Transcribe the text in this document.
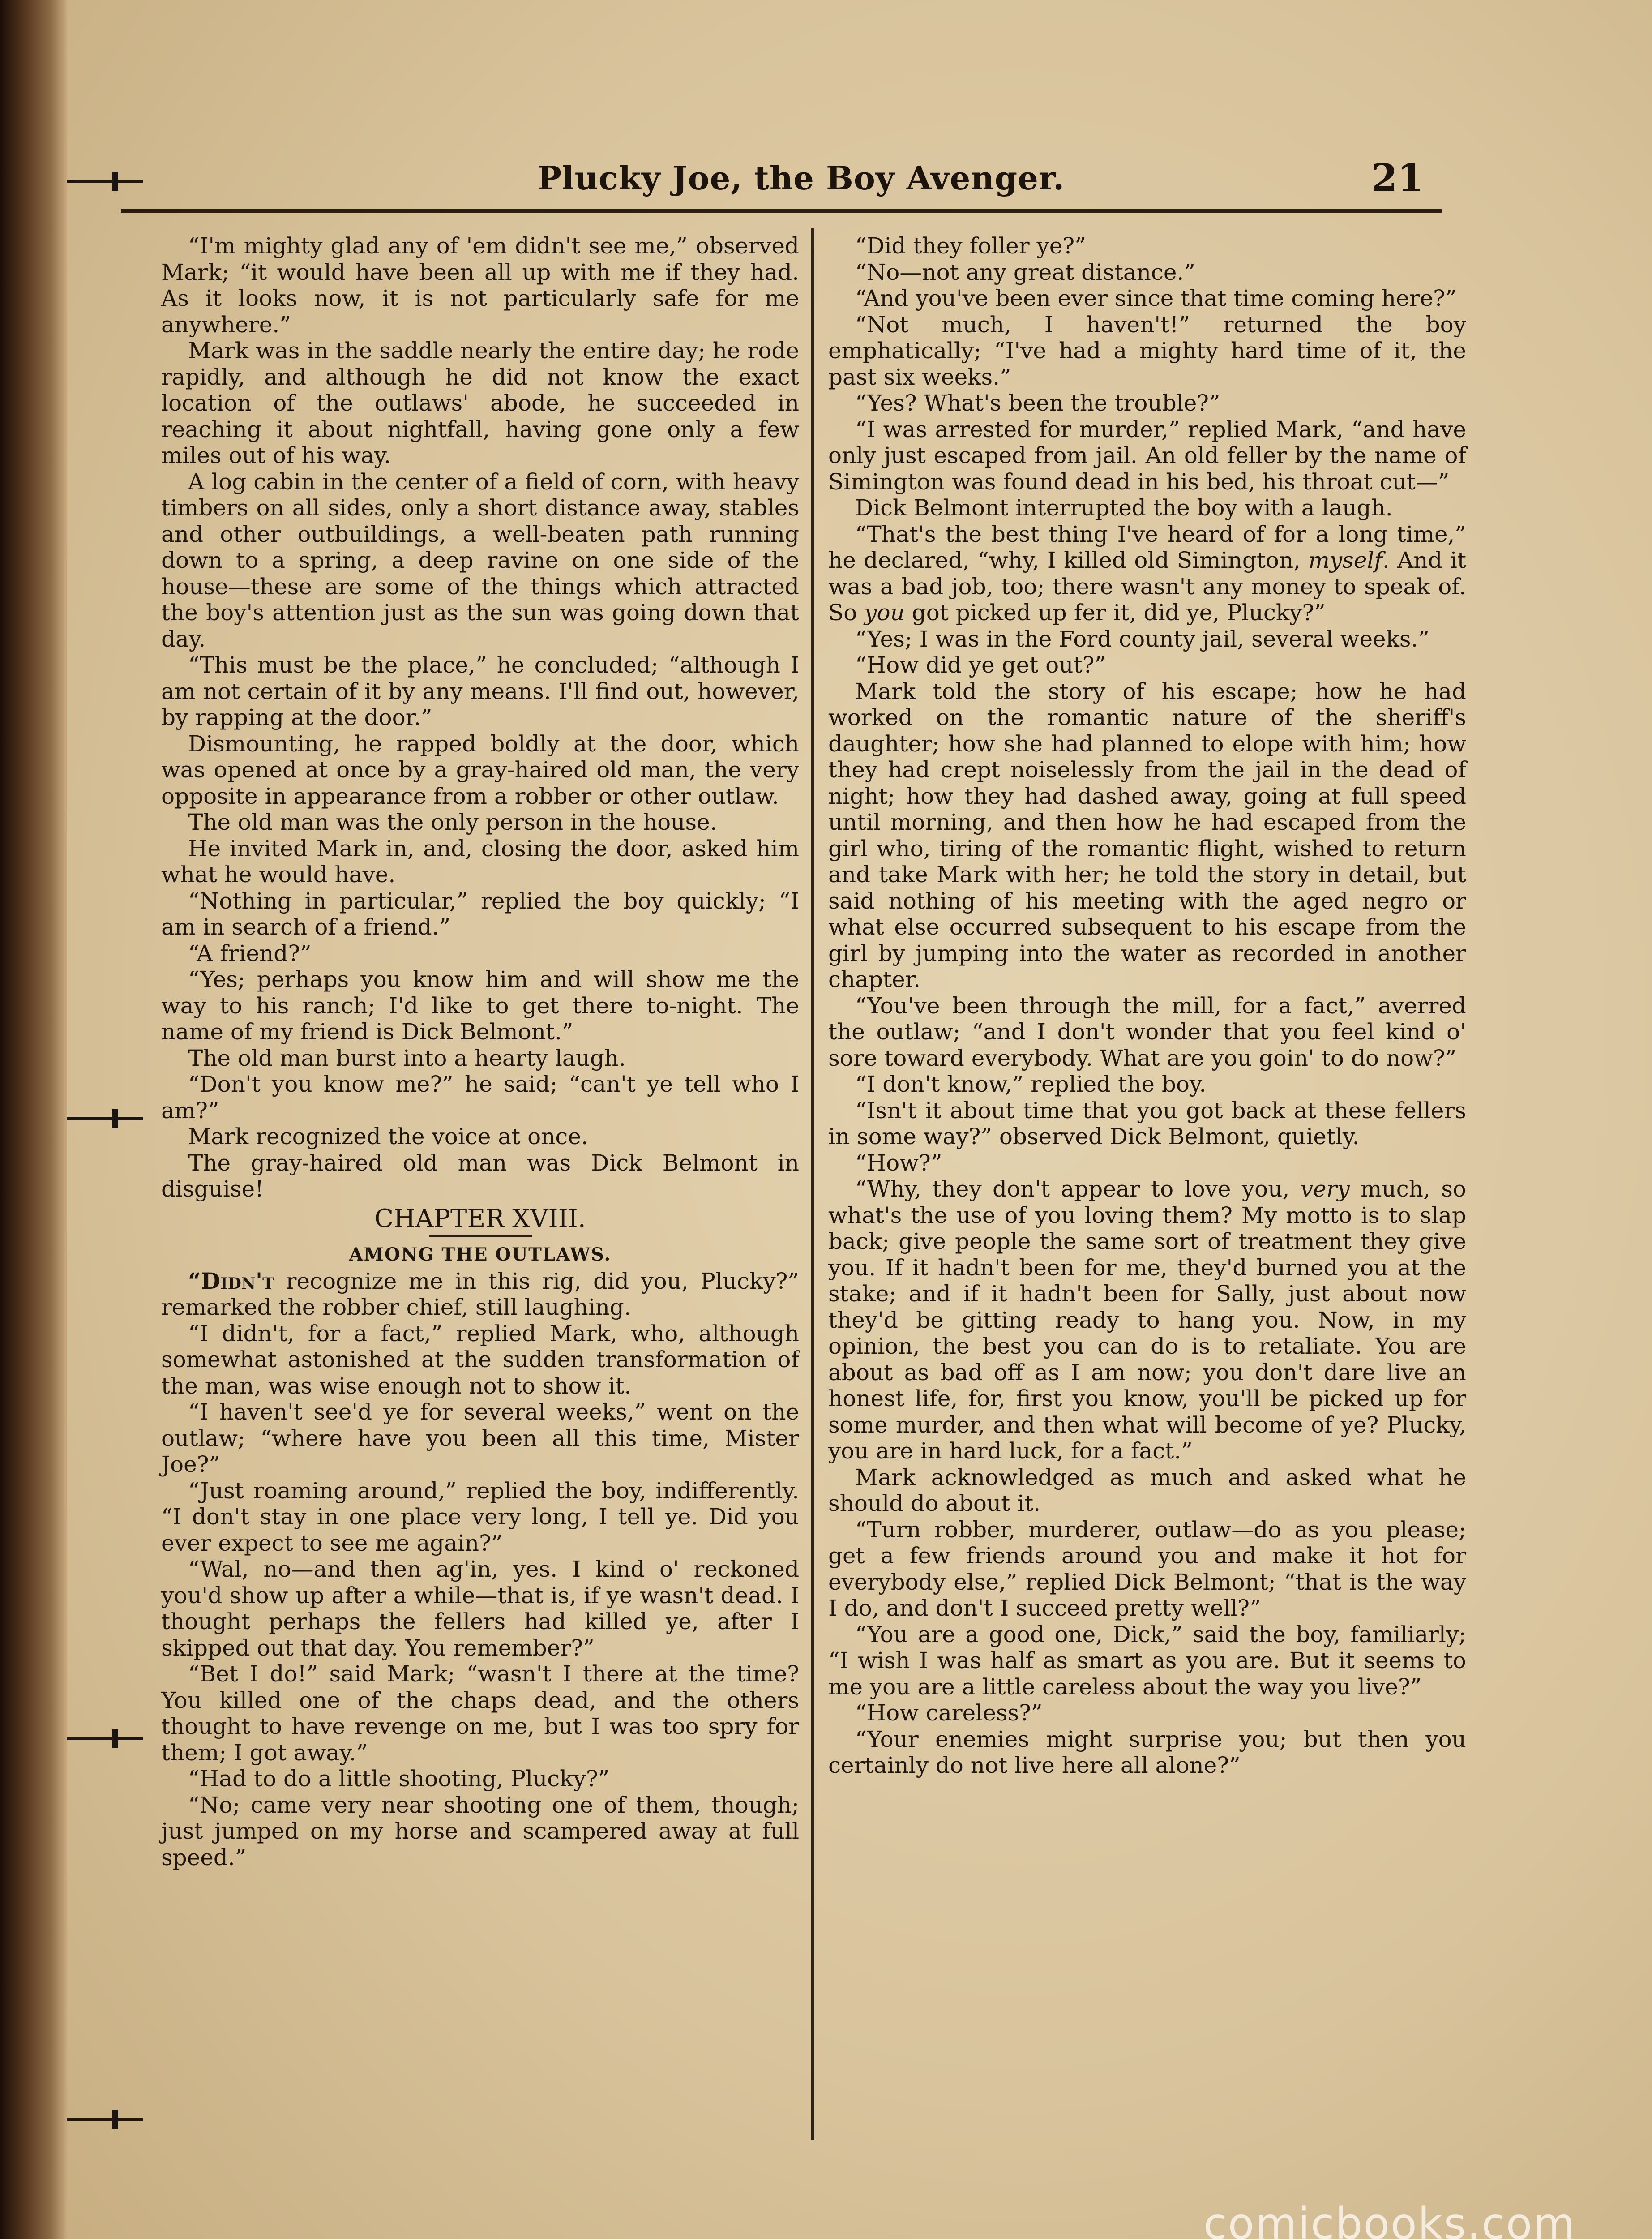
Plucky Joe, the Boy Avenger.	21

“I'm mighty glad any of 'em didn't see me,” observed Mark; “it would have been all up with me if they had. As it looks now, it is not particularly safe for me anywhere.”

Mark was in the saddle nearly the entire day; he rode rapidly, and although he did not know the exact location of the outlaws' abode, he succeeded in reaching it about nightfall, having gone only a few miles out of his way.

A log cabin in the center of a field of corn, with heavy timbers on all sides, only a short distance away, stables and other outbuildings, a well-beaten path running down to a spring, a deep ravine on one side of the house—these are some of the things which attracted the boy's attention just as the sun was going down that day.

“This must be the place,” he concluded; “although I am not certain of it by any means. I'll find out, however, by rapping at the door.”

Dismounting, he rapped boldly at the door, which was opened at once by a gray-haired old man, the very opposite in appearance from a robber or other outlaw.

The old man was the only person in the house.

He invited Mark in, and, closing the door, asked him what he would have.

“Nothing in particular,” replied the boy quickly; “I am in search of a friend.”

“A friend?”

“Yes; perhaps you know him and will show me the way to his ranch; I'd like to get there to-night. The name of my friend is Dick Belmont.”

The old man burst into a hearty laugh.

“Don't you know me?” he said; “can't ye tell who I am?”

Mark recognized the voice at once.

The gray-haired old man was Dick Belmont in disguise!

CHAPTER XVIII.

AMONG THE OUTLAWS.

“Didn't recognize me in this rig, did you, Plucky?” remarked the robber chief, still laughing.

“I didn't, for a fact,” replied Mark, who, although somewhat astonished at the sudden transformation of the man, was wise enough not to show it.

“I haven't see'd ye for several weeks,” went on the outlaw; “where have you been all this time, Mister Joe?”

“Just roaming around,” replied the boy, indifferently. “I don't stay in one place very long, I tell ye. Did you ever expect to see me again?”

“Wal, no—and then ag'in, yes. I kind o' reckoned you'd show up after a while—that is, if ye wasn't dead. I thought perhaps the fellers had killed ye, after I skipped out that day. You remember?”

“Bet I do!” said Mark; “wasn't I there at the time? You killed one of the chaps dead, and the others thought to have revenge on me, but I was too spry for them; I got away.”

“Had to do a little shooting, Plucky?”

“No; came very near shooting one of them, though; just jumped on my horse and scampered away at full speed.”

“Did they foller ye?”

“No—not any great distance.”

“And you've been ever since that time coming here?”

“Not much, I haven't!” returned the boy emphatically; “I've had a mighty hard time of it, the past six weeks.”

“Yes? What's been the trouble?”

“I was arrested for murder,” replied Mark, “and have only just escaped from jail. An old feller by the name of Simington was found dead in his bed, his throat cut—”

Dick Belmont interrupted the boy with a laugh.

“That's the best thing I've heard of for a long time,” he declared, “why, I killed old Simington, myself. And it was a bad job, too; there wasn't any money to speak of. So you got picked up fer it, did ye, Plucky?”

“Yes; I was in the Ford county jail, several weeks.”

“How did ye get out?”

Mark told the story of his escape; how he had worked on the romantic nature of the sheriff's daughter; how she had planned to elope with him; how they had crept noiselessly from the jail in the dead of night; how they had dashed away, going at full speed until morning, and then how he had escaped from the girl who, tiring of the romantic flight, wished to return and take Mark with her; he told the story in detail, but said nothing of his meeting with the aged negro or what else occurred subsequent to his escape from the girl by jumping into the water as recorded in another chapter.

“You've been through the mill, for a fact,” averred the outlaw; “and I don't wonder that you feel kind o' sore toward everybody. What are you goin' to do now?”

“I don't know,” replied the boy.

“Isn't it about time that you got back at these fellers in some way?” observed Dick Belmont, quietly.

“How?”

“Why, they don't appear to love you, very much, so what's the use of you loving them? My motto is to slap back; give people the same sort of treatment they give you. If it hadn't been for me, they'd burned you at the stake; and if it hadn't been for Sally, just about now they'd be gitting ready to hang you. Now, in my opinion, the best you can do is to retaliate. You are about as bad off as I am now; you don't dare live an honest life, for, first you know, you'll be picked up for some murder, and then what will become of ye? Plucky, you are in hard luck, for a fact.”

Mark acknowledged as much and asked what he should do about it.

“Turn robber, murderer, outlaw—do as you please; get a few friends around you and make it hot for everybody else,” replied Dick Belmont; “that is the way I do, and don't I succeed pretty well?”

“You are a good one, Dick,” said the boy, familiarly; “I wish I was half as smart as you are. But it seems to me you are a little careless about the way you live?”

“How careless?”

“Your enemies might surprise you; but then you certainly do not live here all alone?”

comicbooks.com
